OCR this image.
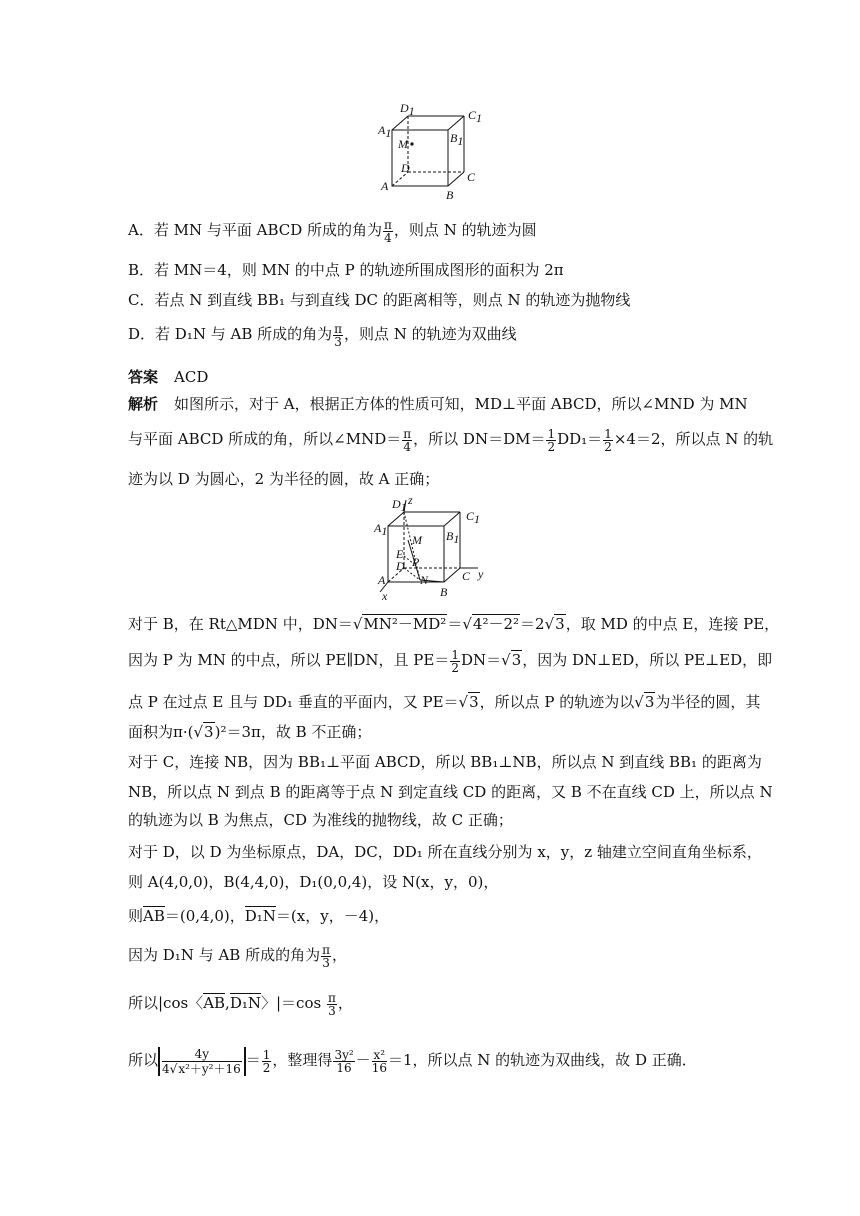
D1	C1
A1	B1
M
D
C
A
B
A．若 MN 与平面 ABCD 所成的角为 $\frac{\pi}{4}$ ，则点 N 的轨迹为圆
B．若 MN＝4，则 MN 的中点 P 的轨迹所围成图形的面积为 2π
C．若点 N 到直线 BB₁ 与到直线 DC 的距离相等，则点 N 的轨迹为抛物线
D．若 D₁N 与 AB 所成的角为 $\frac{\pi}{3}$ ，则点 N 的轨迹为双曲线
答案 ACD
解析 如图所示，对于 A，根据正方体的性质可知，MD⊥平面 ABCD，所以∠MND 为 MN
与平面 ABCD 所成的角，所以∠MND＝ $\frac{\pi}{4}$ ，所以 $DN=DM= \frac{1}{2} DD_1= \frac{1}{2} \times 4=2$，所以点 N 的轨
迹为以 D 为圆心，2 为半径的圆，故 A 正确；
D1 z
C1
A1	B1
M
E
P
D
N	C y
A
B
x
对于 B，在 Rt△MDN 中，DN＝√MN²－MD²＝√4²－2²＝2√3，取 MD 的中点 E，连接 PE，
因为 P 为 MN 的中点，所以 PE∥DN，且 $PE= \frac{1}{2} DN=√3$，因为 DN⊥ED，所以 PE⊥ED，即
点 P 在过点 E 且与 DD₁ 垂直的平面内，又 PE＝√3，所以点 P 的轨迹为以√3为半径的圆，其
面积为π·(√3)²＝3π，故 B 不正确；
对于 C，连接 NB，因为 BB₁⊥平面 ABCD，所以 BB₁⊥NB，所以点 N 到直线 BB₁ 的距离为
NB，所以点 N 到点 B 的距离等于点 N 到定直线 CD 的距离，又 B 不在直线 CD 上，所以点 N
的轨迹为以 B 为焦点，CD 为准线的抛物线，故 C 正确；
对于 D，以 D 为坐标原点，DA，DC，DD₁ 所在直线分别为 x，y，z 轴建立空间直角坐标系，
则 A(4,0,0)，B(4,4,0)，D₁(0,0,4)，设 N(x，y，0)，
则AB＝(0,4,0)，D₁N＝(x，y，－4)，
因为 D₁N 与 AB 所成的角为 $\frac{\pi}{3}$ ，
所以|cos〈AB,D₁N〉$|=\cos \frac{\pi}{3}$ ，
所以 $\frac{4y}{\text{4√x²＋y²＋16}} = \frac{1}{2}$ ，整理得 $\frac{\text{3y²}}{16} - \frac{\text{x²}}{16} =1$，所以点 N 的轨迹为双曲线，故 D 正确．
